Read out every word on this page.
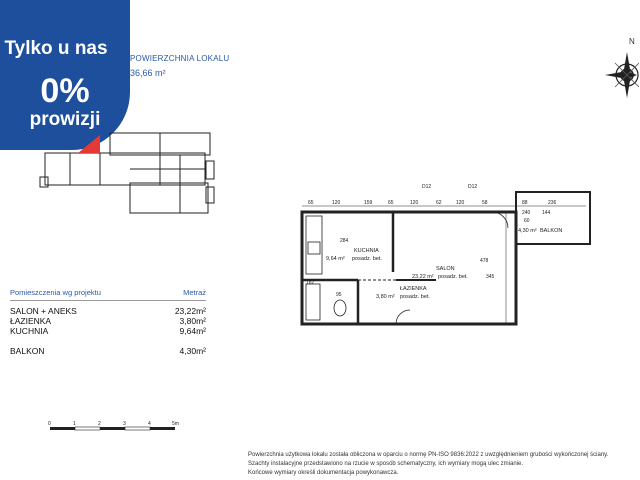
Tylko u nas
0%
prowizji
POWIERZCHNIA LOKALU
36,66 m²
N
65	120	159	65	120	62	120	58	88	236
D12	D12
284
478
345
95
182
60
240 144
KUCHNIA
9,64 m² posadz. bet.
SALON
23,22 m² posadz. bet.
ŁAZIENKA
3,80 m² posadz. bet.
4,30 m² BALKON
Pomieszczenia wg projektu	Metraż
SALON + ANEKS	23,22m²
ŁAZIENKA	3,80m²
KUCHNIA	9,64m²
BALKON	4,30m²
0	1	2	3	4	5m
Powierzchnia użytkowa lokalu została obliczona w oparciu o normę PN-ISO 9836:2022 z uwzględnieniem grubości wykończonej ściany.
Szachty instalacyjne przedstawiono na rzucie w sposób schematyczny, ich wymiary mogą ulec zmianie.
Końcowe wymiary określi dokumentacja powykonawcza.
